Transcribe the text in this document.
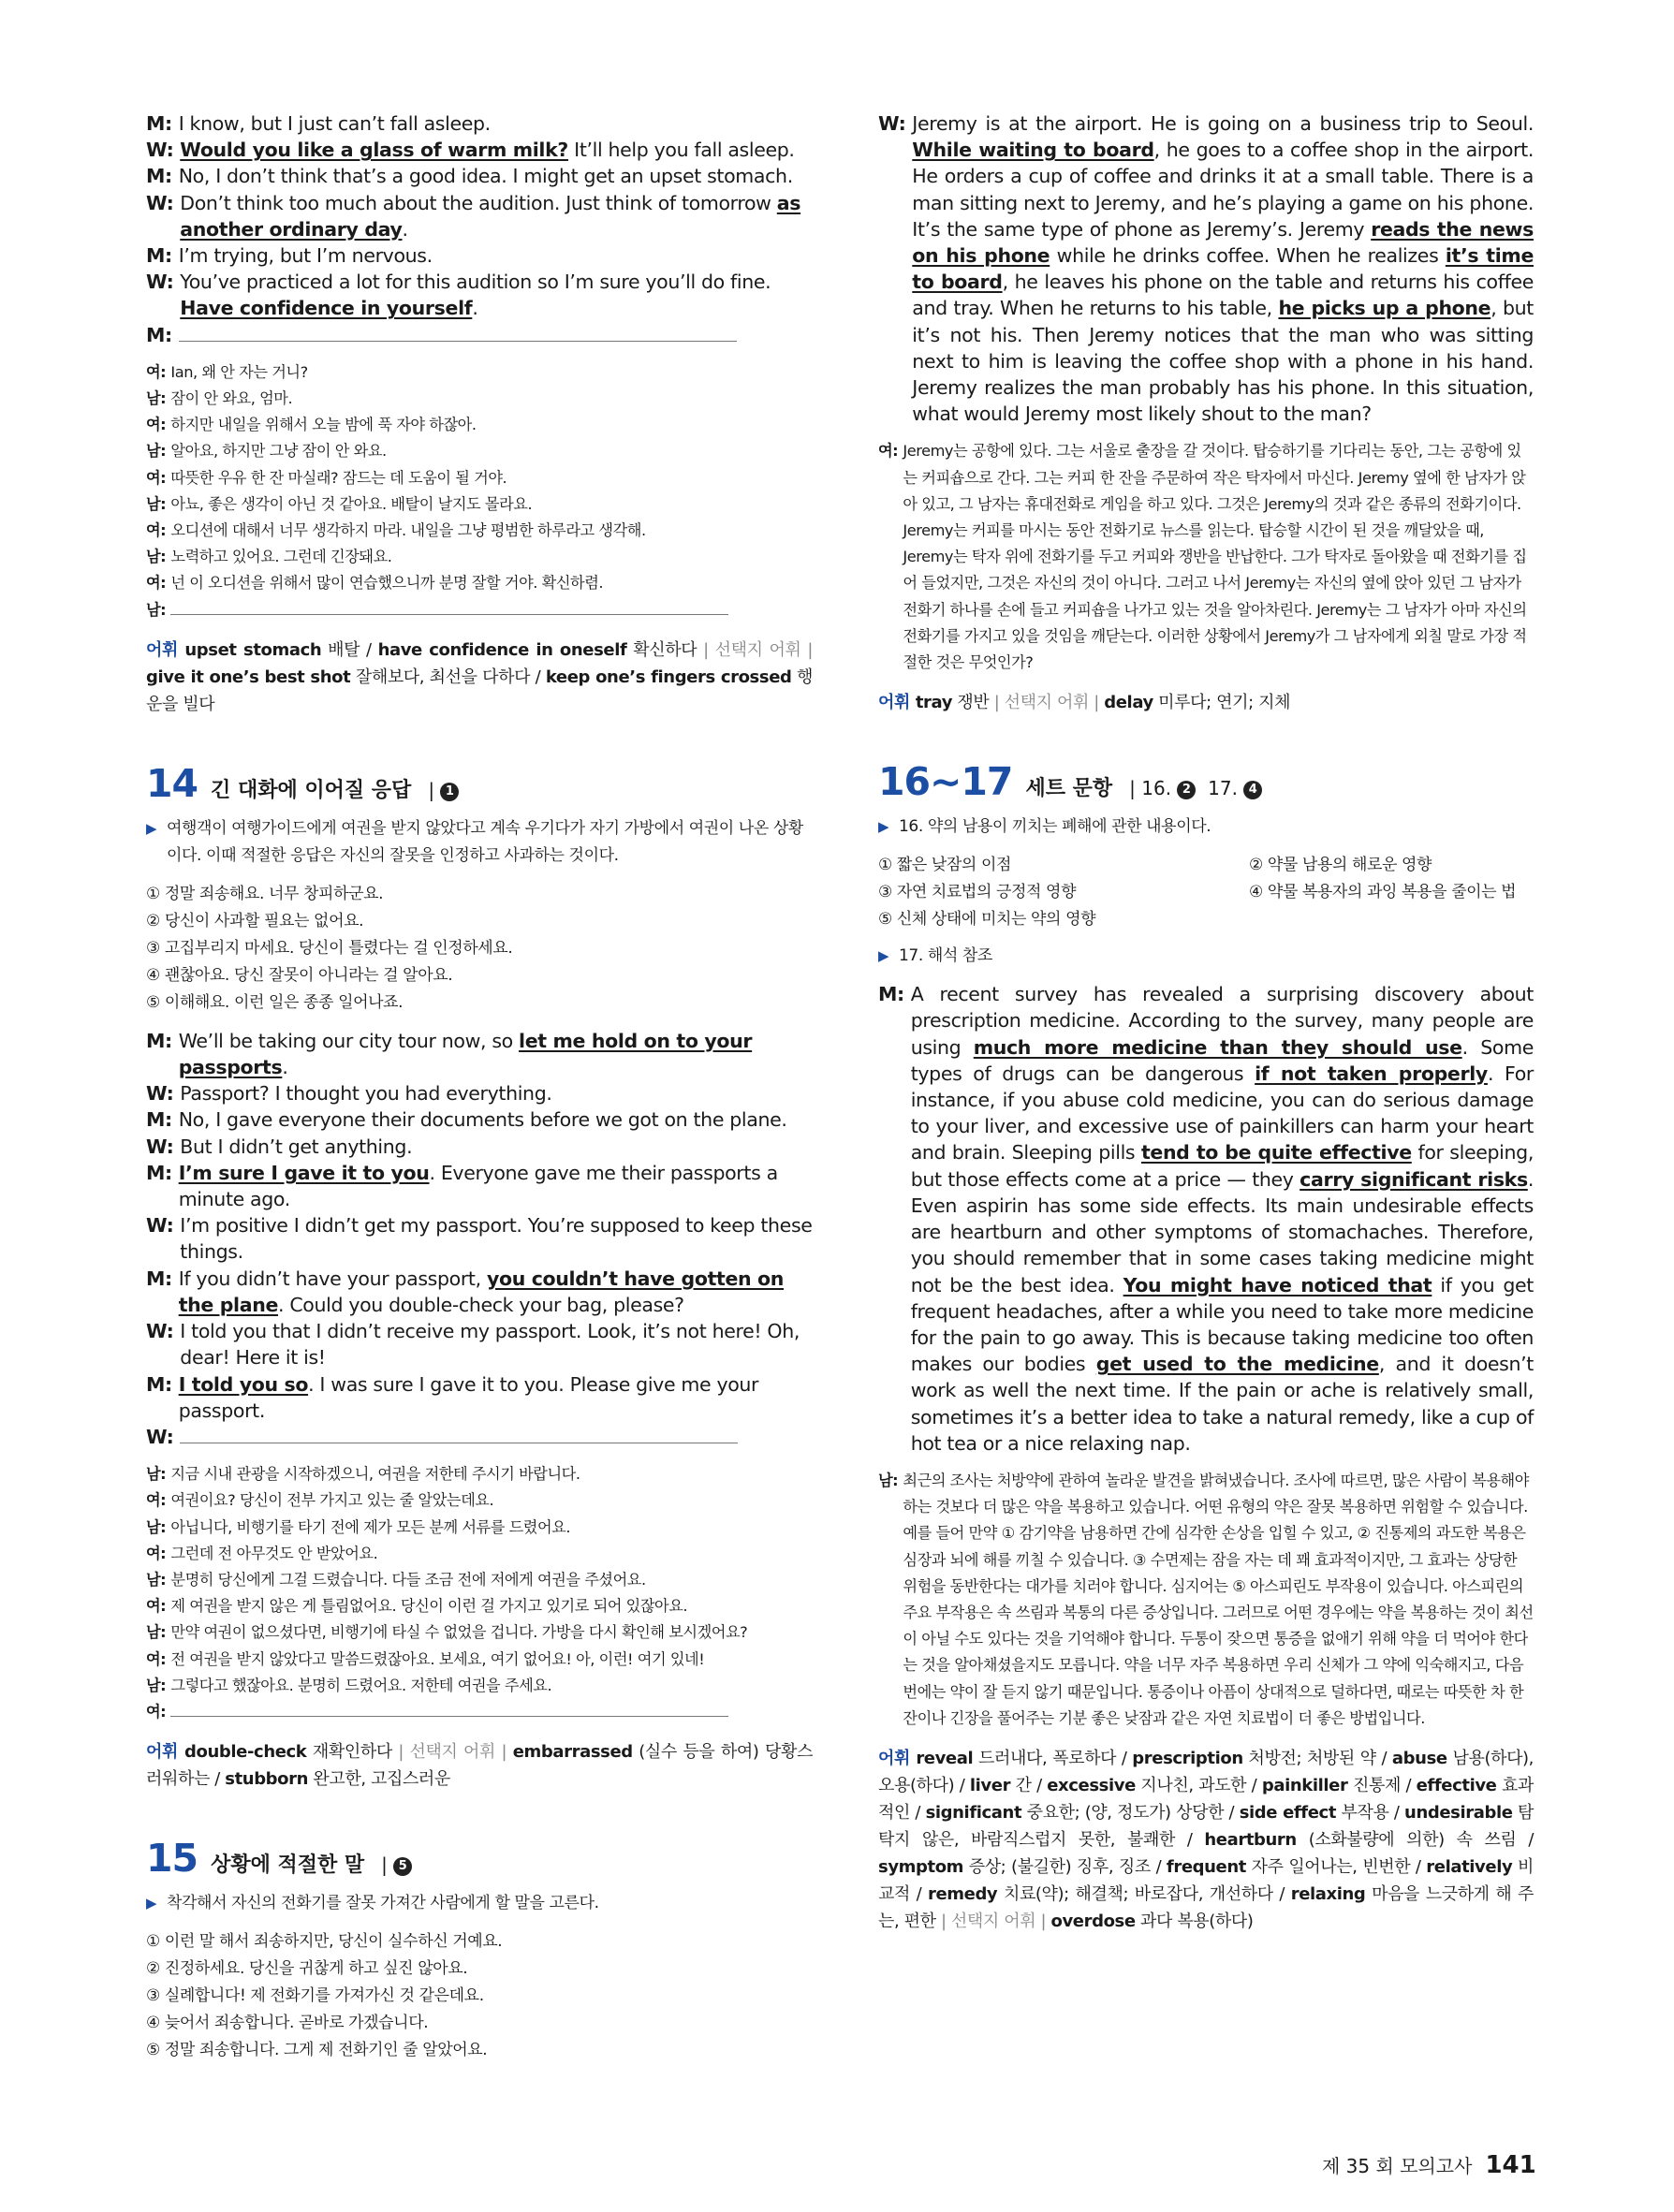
M: I know, but I just can’t fall asleep.
W: Would you like a glass of warm milk? It’ll help you fall asleep.
M: No, I don’t think that’s a good idea. I might get an upset stomach.
W: Don’t think too much about the audition. Just think of tomorrow as another ordinary day.
M: I’m trying, but I’m nervous.
W: You’ve practiced a lot for this audition so I’m sure you’ll do fine. Have confidence in yourself.
M:
여: Ian, 왜 안 자는 거니?
남: 잠이 안 와요, 엄마.
여: 하지만 내일을 위해서 오늘 밤에 푹 자야 하잖아.
남: 알아요, 하지만 그냥 잠이 안 와요.
여: 따뜻한 우유 한 잔 마실래? 잠드는 데 도움이 될 거야.
남: 아뇨, 좋은 생각이 아닌 것 같아요. 배탈이 날지도 몰라요.
여: 오디션에 대해서 너무 생각하지 마라. 내일을 그냥 평범한 하루라고 생각해.
남: 노력하고 있어요. 그런데 긴장돼요.
여: 넌 이 오디션을 위해서 많이 연습했으니까 분명 잘할 거야. 확신하렴.
남:
어휘 upset stomach 배탈 / have confidence in oneself 확신하다 | 선택지 어휘 | give it one’s best shot 잘해보다, 최선을 다하다 / keep one’s fingers crossed 행운을 빌다
14 긴 대화에 이어질 응답 | 1
▶ 여행객이 여행가이드에게 여권을 받지 않았다고 계속 우기다가 자기 가방에서 여권이 나온 상황이다. 이때 적절한 응답은 자신의 잘못을 인정하고 사과하는 것이다.
① 정말 죄송해요. 너무 창피하군요.
② 당신이 사과할 필요는 없어요.
③ 고집부리지 마세요. 당신이 틀렸다는 걸 인정하세요.
④ 괜찮아요. 당신 잘못이 아니라는 걸 알아요.
⑤ 이해해요. 이런 일은 종종 일어나죠.
M: We’ll be taking our city tour now, so let me hold on to your passports.
W: Passport? I thought you had everything.
M: No, I gave everyone their documents before we got on the plane.
W: But I didn’t get anything.
M: I’m sure I gave it to you. Everyone gave me their passports a minute ago.
W: I’m positive I didn’t get my passport. You’re supposed to keep these things.
M: If you didn’t have your passport, you couldn’t have gotten on the plane. Could you double-check your bag, please?
W: I told you that I didn’t receive my passport. Look, it’s not here! Oh, dear! Here it is!
M: I told you so. I was sure I gave it to you. Please give me your passport.
W:
남: 지금 시내 관광을 시작하겠으니, 여권을 저한테 주시기 바랍니다.
여: 여권이요? 당신이 전부 가지고 있는 줄 알았는데요.
남: 아닙니다, 비행기를 타기 전에 제가 모든 분께 서류를 드렸어요.
여: 그런데 전 아무것도 안 받았어요.
남: 분명히 당신에게 그걸 드렸습니다. 다들 조금 전에 저에게 여권을 주셨어요.
여: 제 여권을 받지 않은 게 틀림없어요. 당신이 이런 걸 가지고 있기로 되어 있잖아요.
남: 만약 여권이 없으셨다면, 비행기에 타실 수 없었을 겁니다. 가방을 다시 확인해 보시겠어요?
여: 전 여권을 받지 않았다고 말씀드렸잖아요. 보세요, 여기 없어요! 아, 이런! 여기 있네!
남: 그렇다고 했잖아요. 분명히 드렸어요. 저한테 여권을 주세요.
여:
어휘 double-check 재확인하다 | 선택지 어휘 | embarrassed (실수 등을 하여) 당황스러워하는 / stubborn 완고한, 고집스러운
15 상황에 적절한 말 | 5
▶ 착각해서 자신의 전화기를 잘못 가져간 사람에게 할 말을 고른다.
① 이런 말 해서 죄송하지만, 당신이 실수하신 거예요.
② 진정하세요. 당신을 귀찮게 하고 싶진 않아요.
③ 실례합니다! 제 전화기를 가져가신 것 같은데요.
④ 늦어서 죄송합니다. 곧바로 가겠습니다.
⑤ 정말 죄송합니다. 그게 제 전화기인 줄 알았어요.
W: Jeremy is at the airport. He is going on a business trip to Seoul. While waiting to board, he goes to a coffee shop in the airport. He orders a cup of coffee and drinks it at a small table. There is a man sitting next to Jeremy, and he’s playing a game on his phone. It’s the same type of phone as Jeremy’s. Jeremy reads the news on his phone while he drinks coffee. When he realizes it’s time to board, he leaves his phone on the table and returns his coffee and tray. When he returns to his table, he picks up a phone, but it’s not his. Then Jeremy notices that the man who was sitting next to him is leaving the coffee shop with a phone in his hand. Jeremy realizes the man probably has his phone. In this situation, what would Jeremy most likely shout to the man?
여: Jeremy는 공항에 있다. 그는 서울로 출장을 갈 것이다. 탑승하기를 기다리는 동안, 그는 공항에 있는 커피숍으로 간다. 그는 커피 한 잔을 주문하여 작은 탁자에서 마신다. Jeremy 옆에 한 남자가 앉아 있고, 그 남자는 휴대전화로 게임을 하고 있다. 그것은 Jeremy의 것과 같은 종류의 전화기이다. Jeremy는 커피를 마시는 동안 전화기로 뉴스를 읽는다. 탑승할 시간이 된 것을 깨달았을 때, Jeremy는 탁자 위에 전화기를 두고 커피와 쟁반을 반납한다. 그가 탁자로 돌아왔을 때 전화기를 집어 들었지만, 그것은 자신의 것이 아니다. 그러고 나서 Jeremy는 자신의 옆에 앉아 있던 그 남자가 전화기 하나를 손에 들고 커피숍을 나가고 있는 것을 알아차린다. Jeremy는 그 남자가 아마 자신의 전화기를 가지고 있을 것임을 깨닫는다. 이러한 상황에서 Jeremy가 그 남자에게 외칠 말로 가장 적절한 것은 무엇인가?
어휘 tray 쟁반 | 선택지 어휘 | delay 미루다; 연기; 지체
16~17 세트 문항 | 16. 2 17. 4
▶ 16. 약의 남용이 끼치는 폐해에 관한 내용이다.
① 짧은 낮잠의 이점	② 약물 남용의 해로운 영향
③ 자연 치료법의 긍정적 영향	④ 약물 복용자의 과잉 복용을 줄이는 법
⑤ 신체 상태에 미치는 약의 영향
▶ 17. 해석 참조
M: A recent survey has revealed a surprising discovery about prescription medicine. According to the survey, many people are using much more medicine than they should use. Some types of drugs can be dangerous if not taken properly. For instance, if you abuse cold medicine, you can do serious damage to your liver, and excessive use of painkillers can harm your heart and brain. Sleeping pills tend to be quite effective for sleeping, but those effects come at a price — they carry significant risks. Even aspirin has some side effects. Its main undesirable effects are heartburn and other symptoms of stomachaches. Therefore, you should remember that in some cases taking medicine might not be the best idea. You might have noticed that if you get frequent headaches, after a while you need to take more medicine for the pain to go away. This is because taking medicine too often makes our bodies get used to the medicine, and it doesn’t work as well the next time. If the pain or ache is relatively small, sometimes it’s a better idea to take a natural remedy, like a cup of hot tea or a nice relaxing nap.
남: 최근의 조사는 처방약에 관하여 놀라운 발견을 밝혀냈습니다. 조사에 따르면, 많은 사람이 복용해야 하는 것보다 더 많은 약을 복용하고 있습니다. 어떤 유형의 약은 잘못 복용하면 위험할 수 있습니다. 예를 들어 만약 ① 감기약을 남용하면 간에 심각한 손상을 입힐 수 있고, ② 진통제의 과도한 복용은 심장과 뇌에 해를 끼칠 수 있습니다. ③ 수면제는 잠을 자는 데 꽤 효과적이지만, 그 효과는 상당한 위험을 동반한다는 대가를 치러야 합니다. 심지어는 ⑤ 아스피린도 부작용이 있습니다. 아스피린의 주요 부작용은 속 쓰림과 복통의 다른 증상입니다. 그러므로 어떤 경우에는 약을 복용하는 것이 최선이 아닐 수도 있다는 것을 기억해야 합니다. 두통이 잦으면 통증을 없애기 위해 약을 더 먹어야 한다는 것을 알아채셨을지도 모릅니다. 약을 너무 자주 복용하면 우리 신체가 그 약에 익숙해지고, 다음번에는 약이 잘 듣지 않기 때문입니다. 통증이나 아픔이 상대적으로 덜하다면, 때로는 따뜻한 차 한 잔이나 긴장을 풀어주는 기분 좋은 낮잠과 같은 자연 치료법이 더 좋은 방법입니다.
어휘 reveal 드러내다, 폭로하다 / prescription 처방전; 처방된 약 / abuse 남용(하다), 오용(하다) / liver 간 / excessive 지나친, 과도한 / painkiller 진통제 / effective 효과적인 / significant 중요한; (양, 정도가) 상당한 / side effect 부작용 / undesirable 탐탁지 않은, 바람직스럽지 못한, 불쾌한 / heartburn (소화불량에 의한) 속 쓰림 / symptom 증상; (불길한) 징후, 징조 / frequent 자주 일어나는, 빈번한 / relatively 비교적 / remedy 치료(약); 해결책; 바로잡다, 개선하다 / relaxing 마음을 느긋하게 해 주는, 편한 | 선택지 어휘 | overdose 과다 복용(하다)
제 35 회 모의고사 141
